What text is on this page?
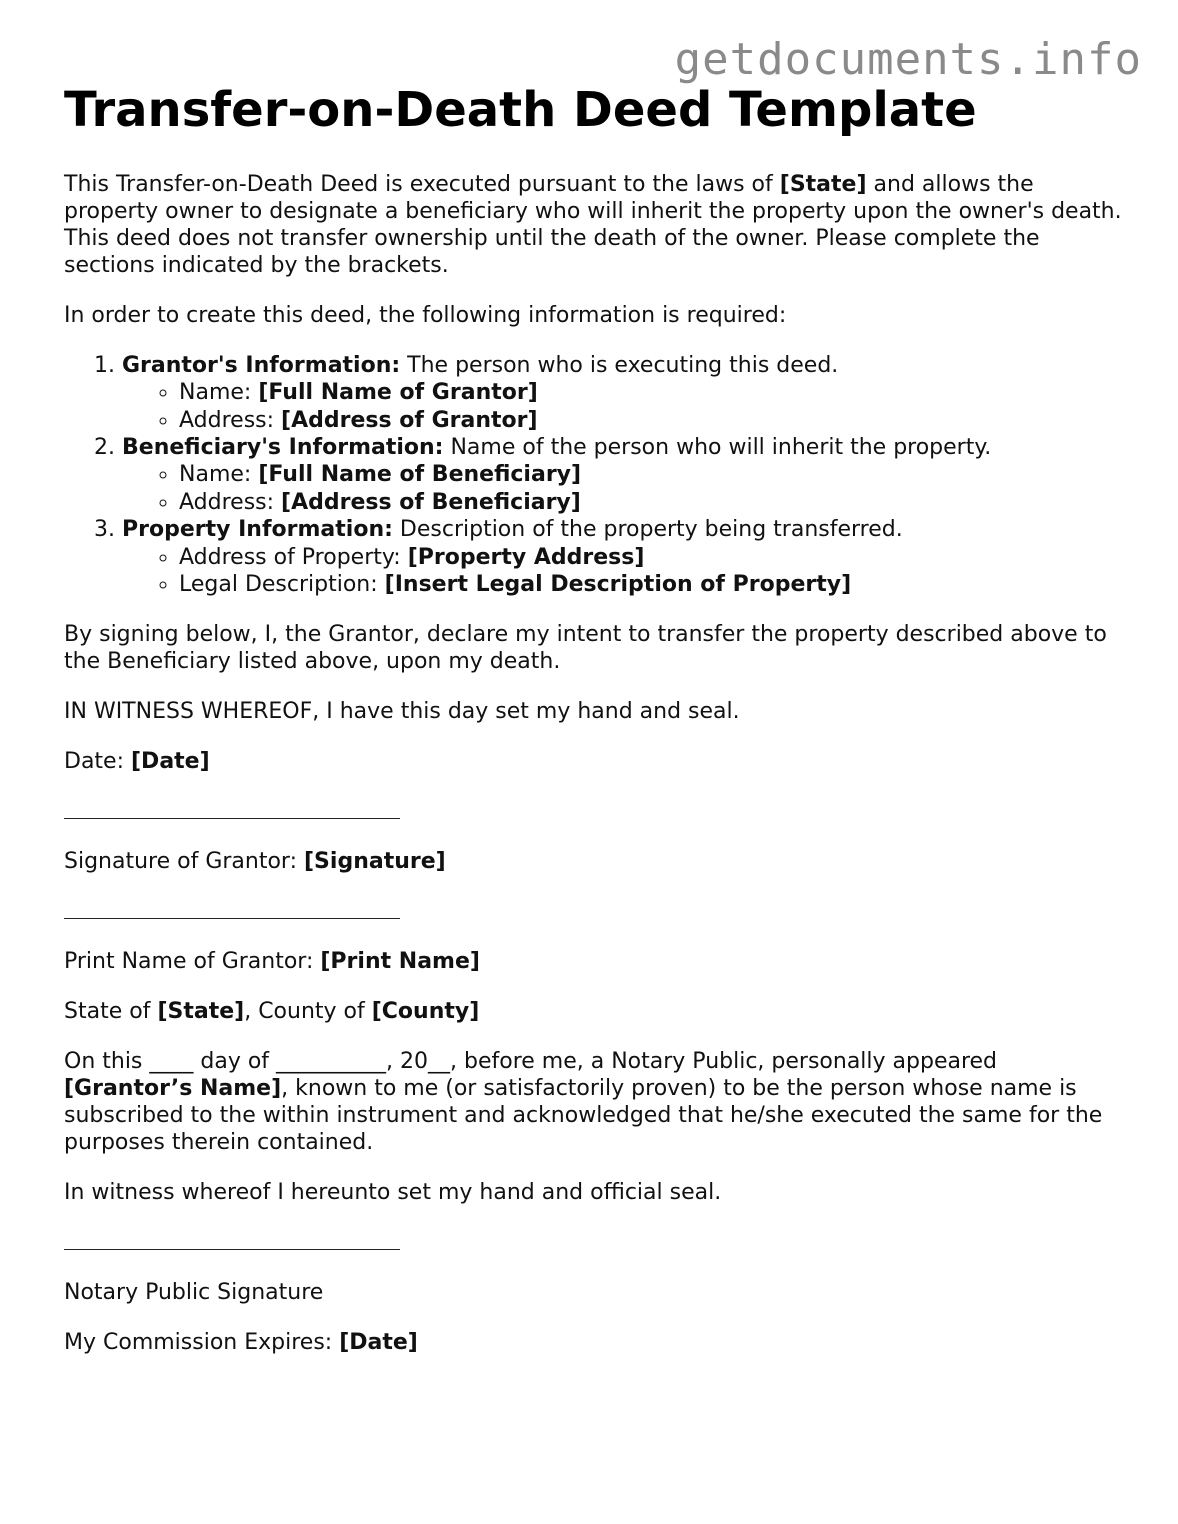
getdocuments.info
Transfer-on-Death Deed Template

This Transfer-on-Death Deed is executed pursuant to the laws of [State] and allows the property owner to designate a beneficiary who will inherit the property upon the owner's death. This deed does not transfer ownership until the death of the owner. Please complete the sections indicated by the brackets.

In order to create this deed, the following information is required:

1. Grantor's Information: The person who is executing this deed.
◦ Name: [Full Name of Grantor]
◦ Address: [Address of Grantor]
2. Beneficiary's Information: Name of the person who will inherit the property.
◦ Name: [Full Name of Beneficiary]
◦ Address: [Address of Beneficiary]
3. Property Information: Description of the property being transferred.
◦ Address of Property: [Property Address]
◦ Legal Description: [Insert Legal Description of Property]

By signing below, I, the Grantor, declare my intent to transfer the property described above to the Beneficiary listed above, upon my death.

IN WITNESS WHEREOF, I have this day set my hand and seal.

Date: [Date]

Signature of Grantor: [Signature]

Print Name of Grantor: [Print Name]

State of [State], County of [County]

On this ____ day of __________, 20__, before me, a Notary Public, personally appeared [Grantor’s Name], known to me (or satisfactorily proven) to be the person whose name is subscribed to the within instrument and acknowledged that he/she executed the same for the purposes therein contained.

In witness whereof I hereunto set my hand and official seal.

Notary Public Signature

My Commission Expires: [Date]
